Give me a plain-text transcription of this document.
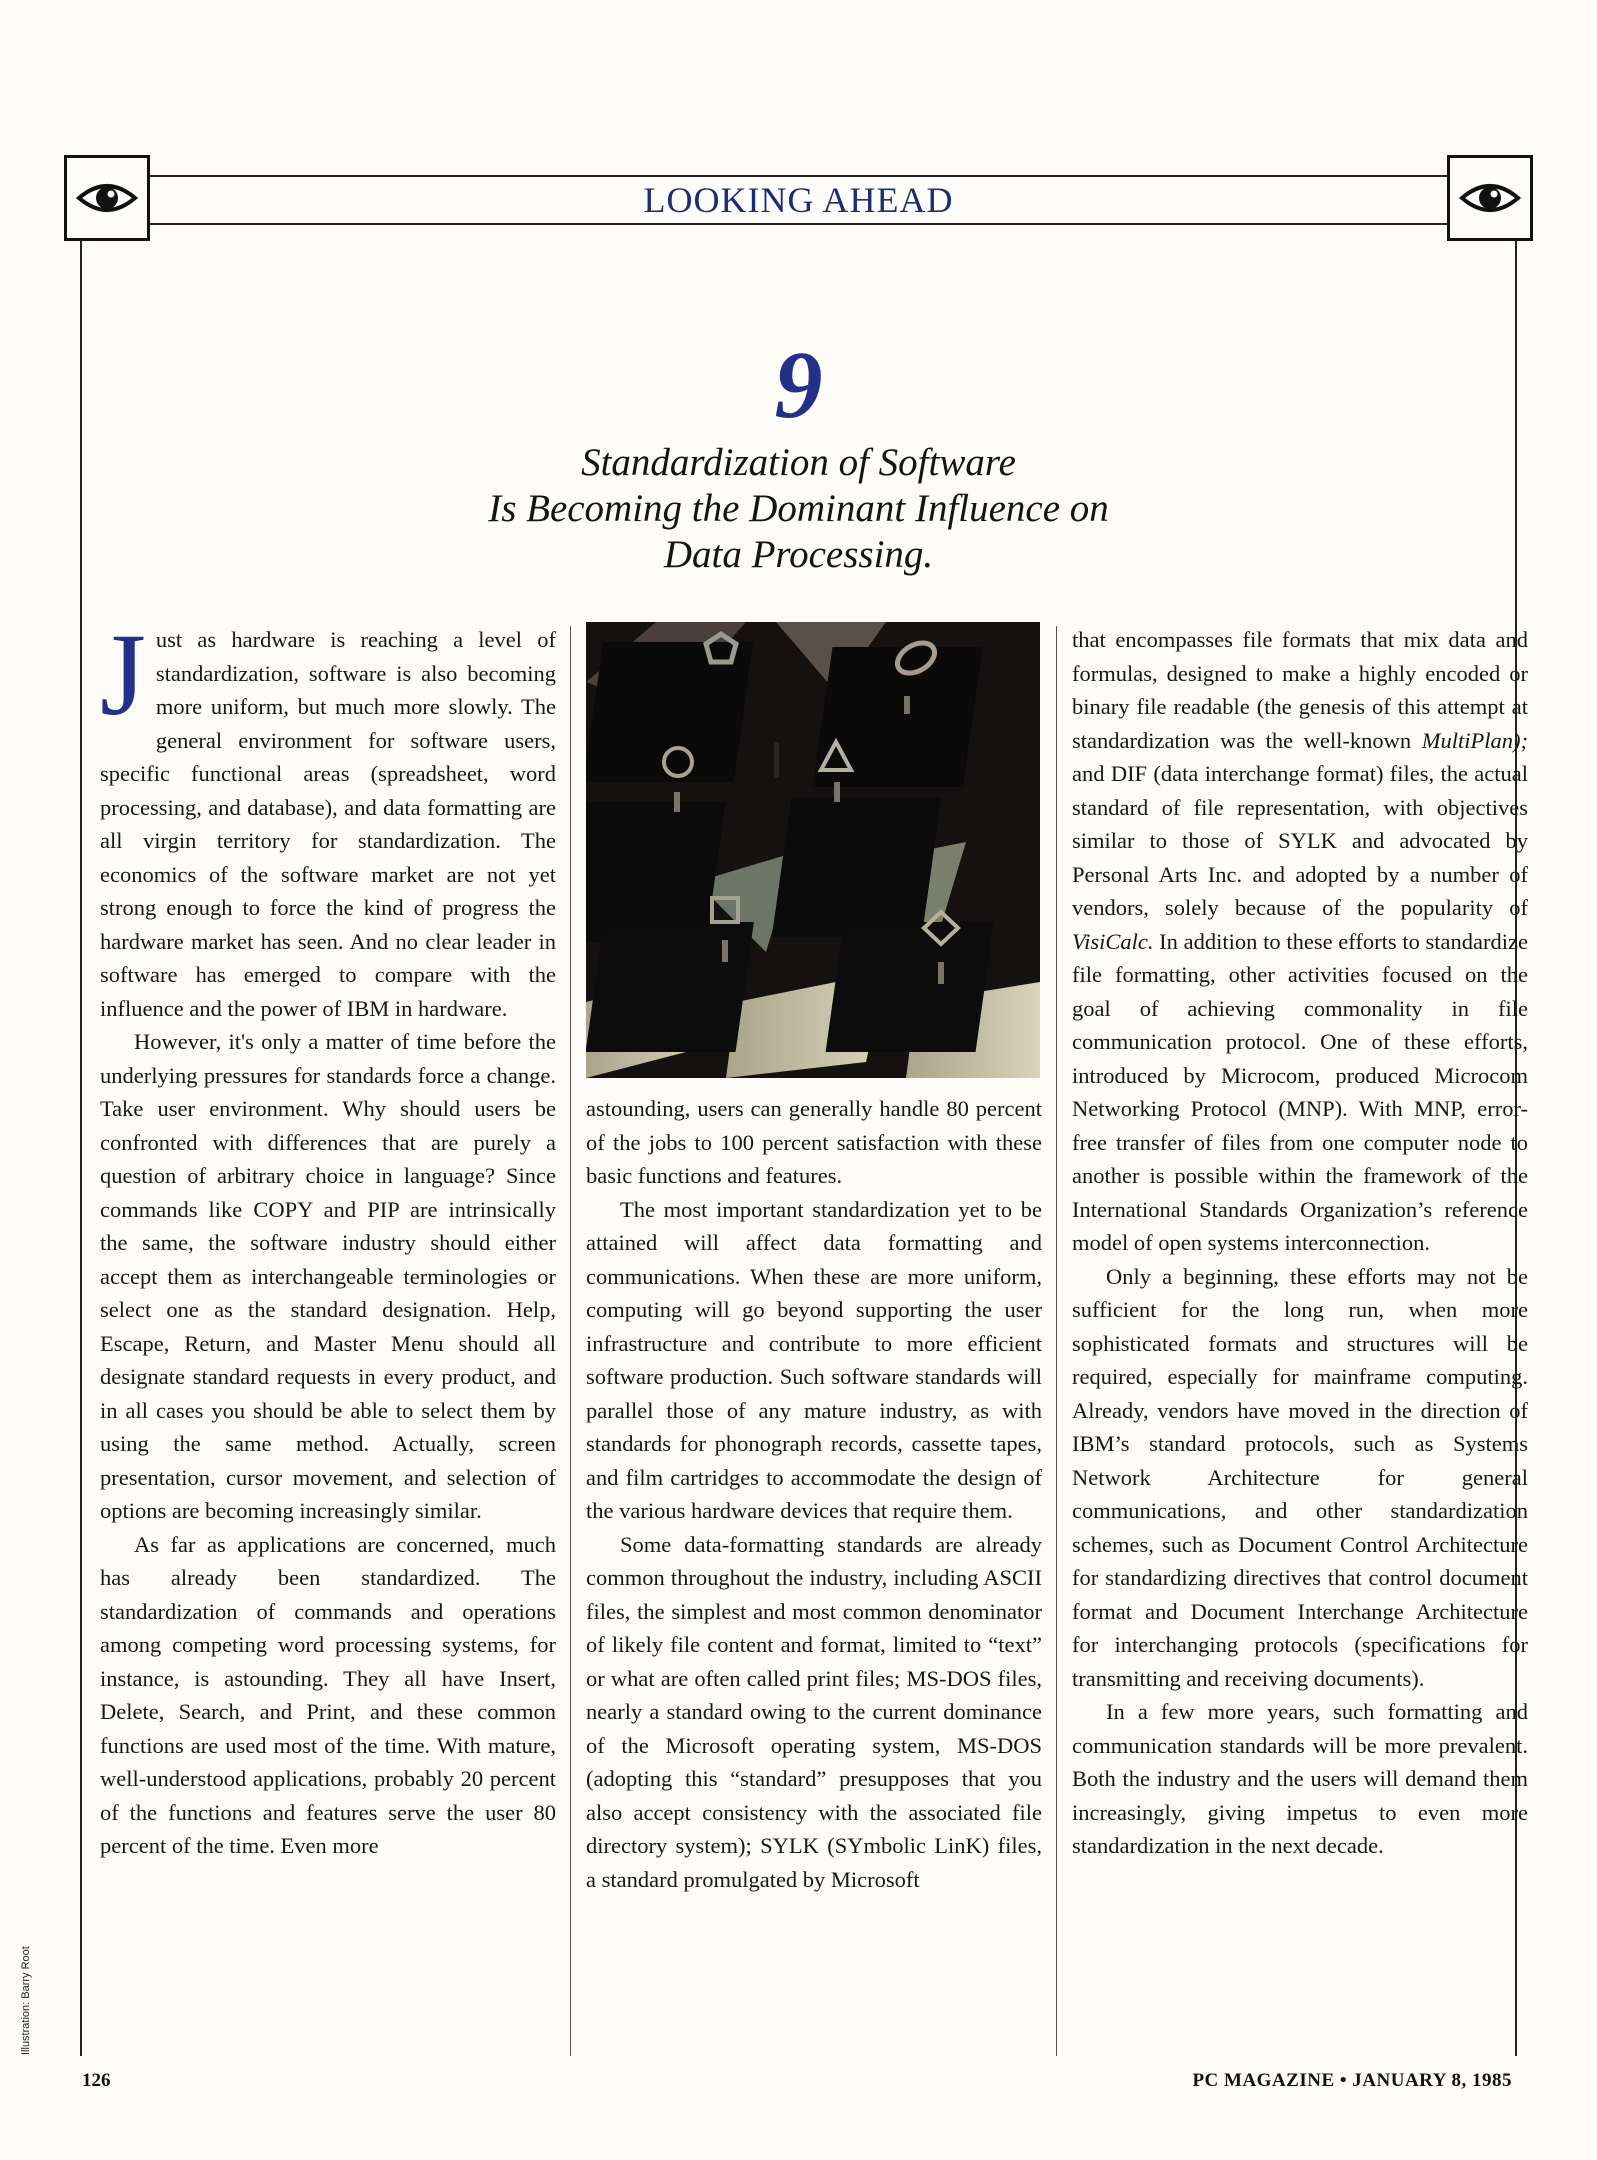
LOOKING AHEAD
9
Standardization of Software
Is Becoming the Dominant Influence on
Data Processing.

Just as hardware is reaching a level of standardization, software is also becoming more uniform, but much more slowly. The general environment for software users, specific functional areas (spreadsheet, word processing, and database), and data formatting are all virgin territory for standardization. The economics of the software market are not yet strong enough to force the kind of progress the hardware market has seen. And no clear leader in software has emerged to compare with the influence and the power of IBM in hardware.

However, it's only a matter of time before the underlying pressures for standards force a change. Take user environment. Why should users be confronted with differences that are purely a question of arbitrary choice in language? Since commands like COPY and PIP are intrinsically the same, the software industry should either accept them as interchangeable terminologies or select one as the standard designation. Help, Escape, Return, and Master Menu should all designate standard requests in every product, and in all cases you should be able to select them by using the same method. Actually, screen presentation, cursor movement, and selection of options are becoming increasingly similar.

As far as applications are concerned, much has already been standardized. The standardization of commands and operations among competing word processing systems, for instance, is astounding. They all have Insert, Delete, Search, and Print, and these common functions are used most of the time. With mature, well-understood applications, probably 20 percent of the functions and features serve the user 80 percent of the time. Even more

astounding, users can generally handle 80 percent of the jobs to 100 percent satisfaction with these basic functions and features.

The most important standardization yet to be attained will affect data formatting and communications. When these are more uniform, computing will go beyond supporting the user infrastructure and contribute to more efficient software production. Such software standards will parallel those of any mature industry, as with standards for phonograph records, cassette tapes, and film cartridges to accommodate the design of the various hardware devices that require them.

Some data-formatting standards are already common throughout the industry, including ASCII files, the simplest and most common denominator of likely file content and format, limited to “text” or what are often called print files; MS-DOS files, nearly a standard owing to the current dominance of the Microsoft operating system, MS-DOS (adopting this “standard” presupposes that you also accept consistency with the associated file directory system); SYLK (SYmbolic LinK) files, a standard promulgated by Microsoft

that encompasses file formats that mix data and formulas, designed to make a highly encoded or binary file readable (the genesis of this attempt at standardization was the well-known MultiPlan); and DIF (data interchange format) files, the actual standard of file representation, with objectives similar to those of SYLK and advocated by Personal Arts Inc. and adopted by a number of vendors, solely because of the popularity of VisiCalc. In addition to these efforts to standardize file formatting, other activities focused on the goal of achieving commonality in file communication protocol. One of these efforts, introduced by Microcom, produced Microcom Networking Protocol (MNP). With MNP, error-free transfer of files from one computer node to another is possible within the framework of the International Standards Organization’s reference model of open systems interconnection.

Only a beginning, these efforts may not be sufficient for the long run, when more sophisticated formats and structures will be required, especially for mainframe computing. Already, vendors have moved in the direction of IBM’s standard protocols, such as Systems Network Architecture for general communications, and other standardization schemes, such as Document Control Architecture for standardizing directives that control document format and Document Interchange Architecture for interchanging protocols (specifications for transmitting and receiving documents).

In a few more years, such formatting and communication standards will be more prevalent. Both the industry and the users will demand them increasingly, giving impetus to even more standardization in the next decade.

Illustration: Barry Root
126	PC MAGAZINE • JANUARY 8, 1985
